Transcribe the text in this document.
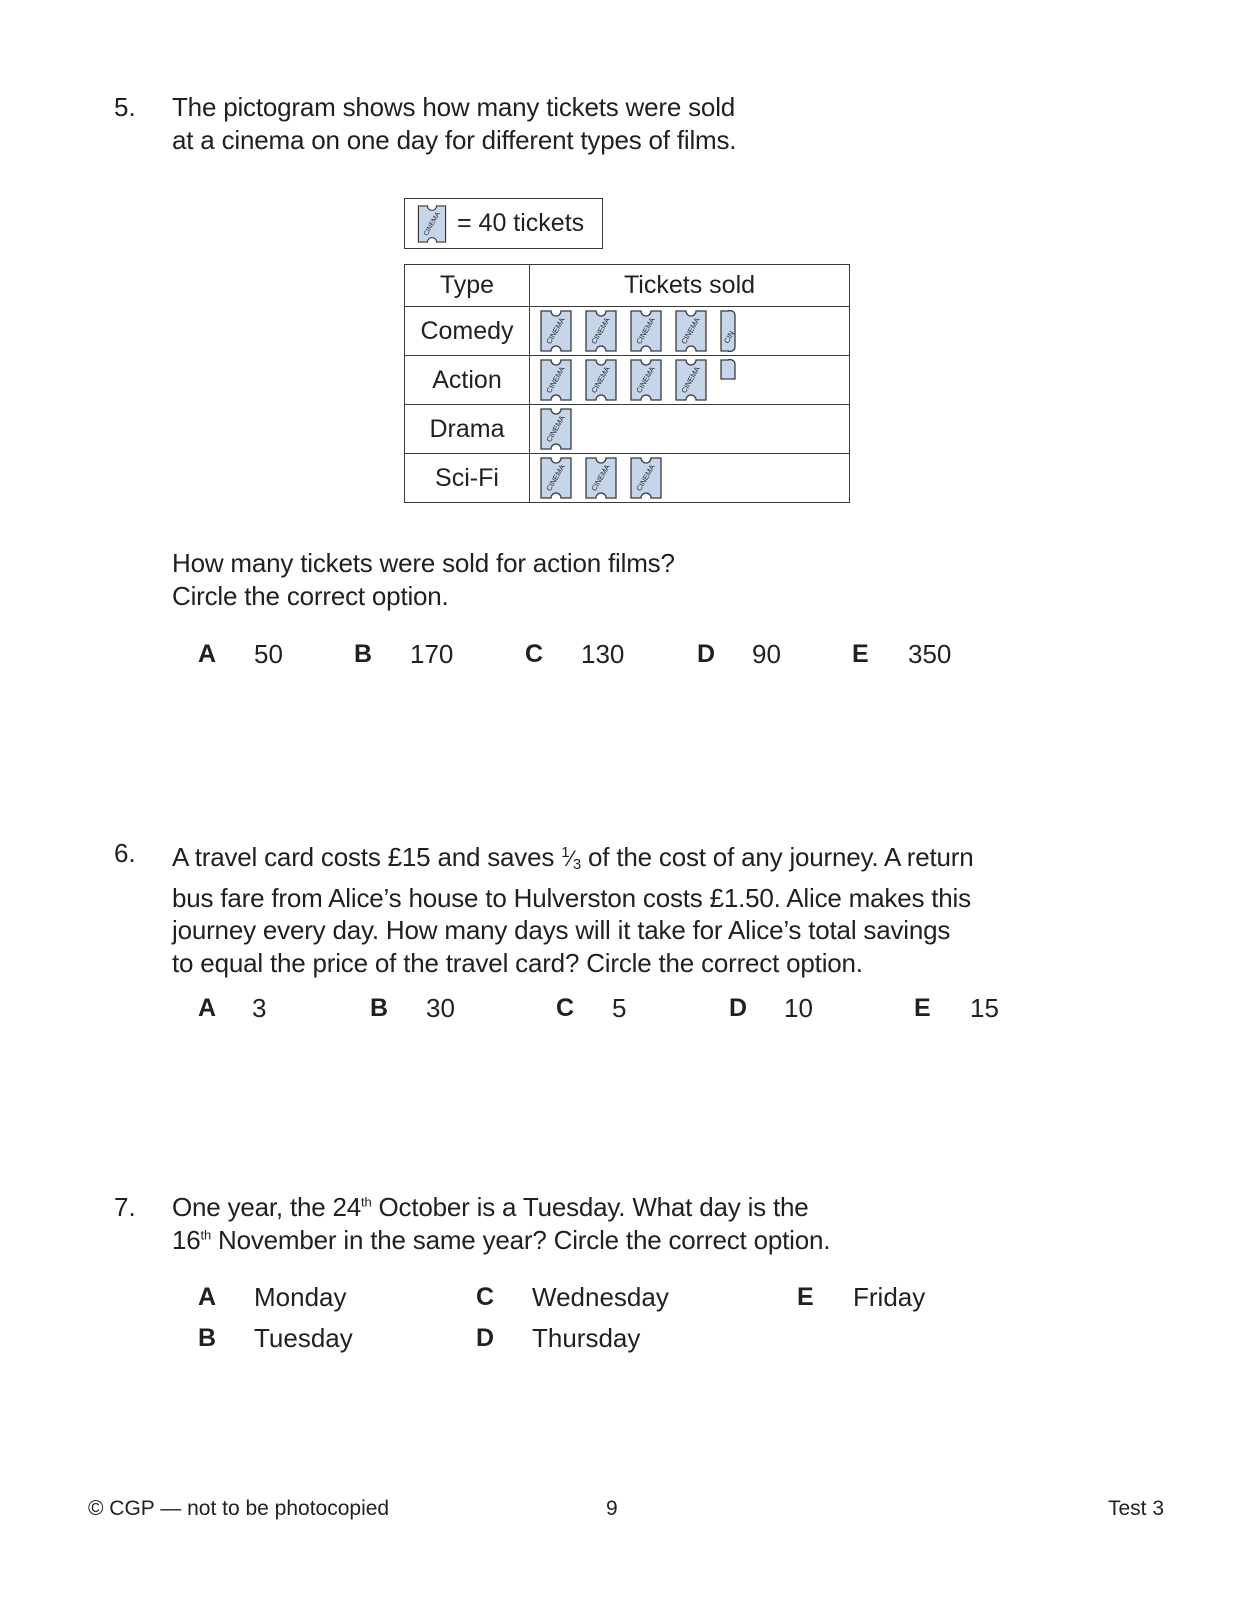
5. The pictogram shows how many tickets were sold
at a cinema on one day for different types of films.
= 40 tickets
Type	Tickets sold
Comedy	

Action	

Drama	

Sci-Fi	
How many tickets were sold for action films?
Circle the correct option.
A 50	B 170	C 130	D 90	E 350
6. A travel card costs £15 and saves $^1$⁄3 of the cost of any journey. A return
bus fare from Alice’s house to Hulverston costs £1.50. Alice makes this
journey every day. How many days will it take for Alice’s total savings
to equal the price of the travel card? Circle the correct option.
A 3	B 30	C 5	D 10	E 15
7. One year, the 24th October is a Tuesday. What day is the
16th November in the same year? Circle the correct option.
A Monday
B Tuesday
C Wednesday
D Thursday
E Friday
© CGP — not to be photocopied	9	Test 3
